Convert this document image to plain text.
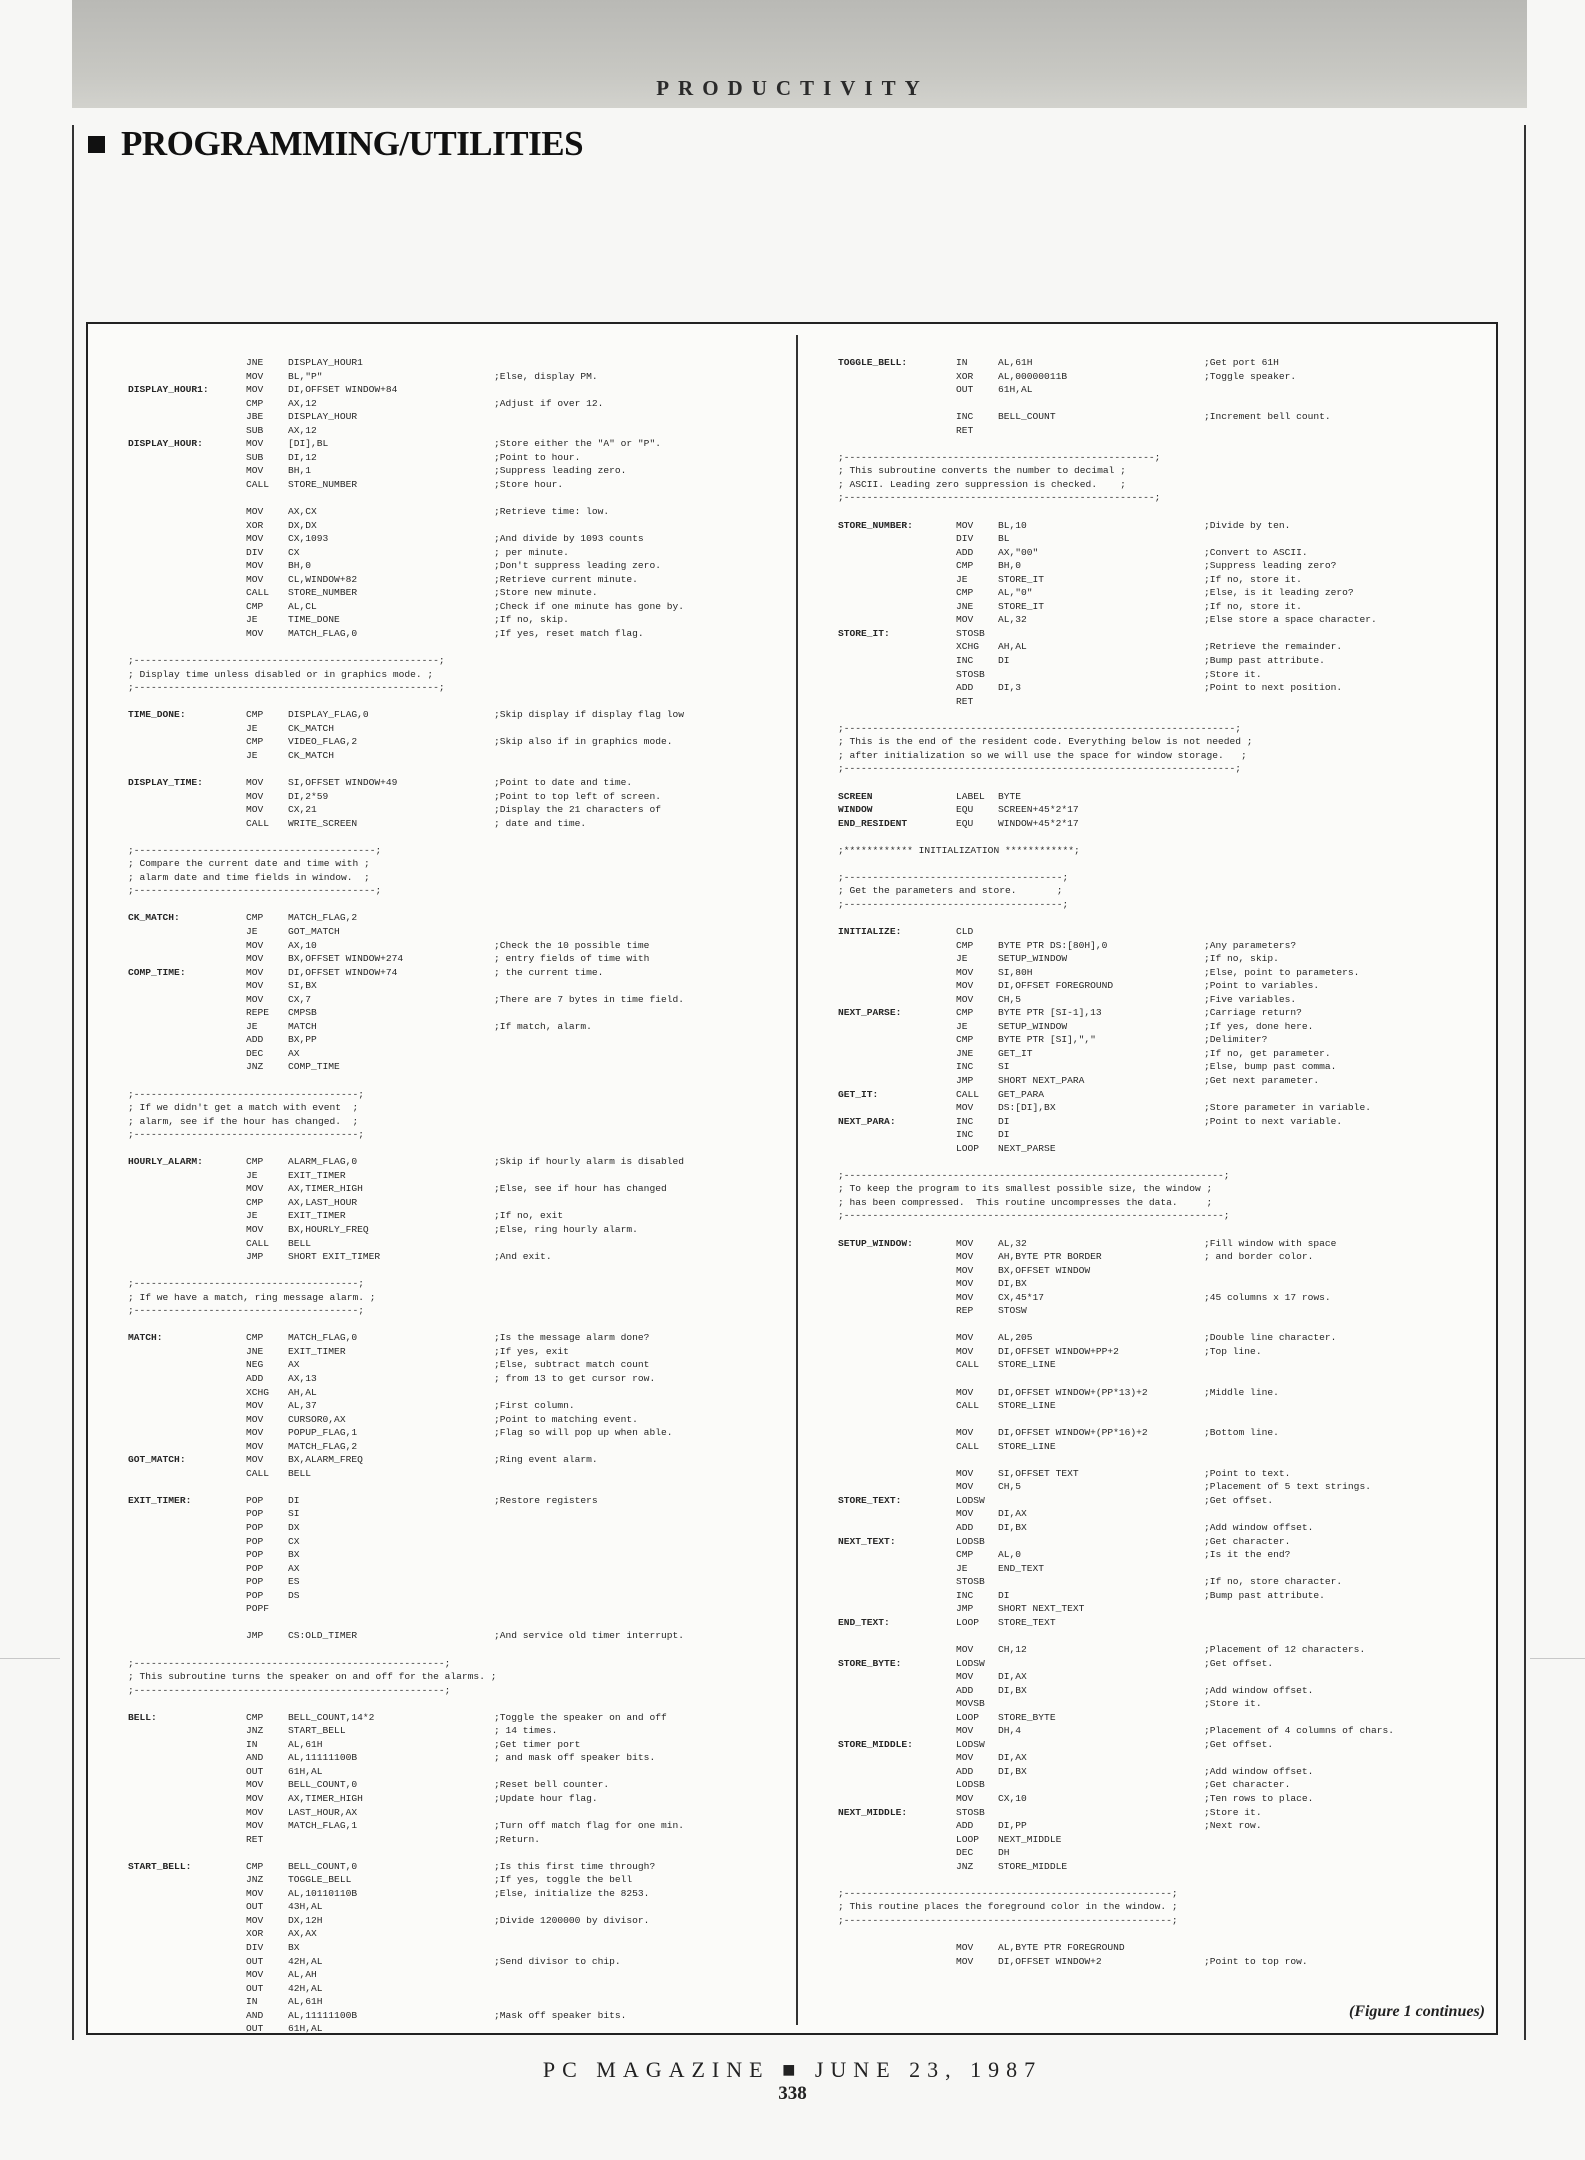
PRODUCTIVITY
PROGRAMMING/UTILITIES
JNE	DISPLAY_HOUR1
MOV	BL,"P"	;Else, display PM.
DISPLAY_HOUR1:	MOV	DI,OFFSET WINDOW+84
CMP	AX,12	;Adjust if over 12.
JBE	DISPLAY_HOUR
SUB	AX,12
DISPLAY_HOUR:	MOV	[DI],BL	;Store either the "A" or "P".
SUB	DI,12	;Point to hour.
MOV	BH,1	;Suppress leading zero.
CALL	STORE_NUMBER	;Store hour.
MOV	AX,CX	;Retrieve time: low.
XOR	DX,DX
MOV	CX,1093	;And divide by 1093 counts
DIV	CX	; per minute.
MOV	BH,0	;Don't suppress leading zero.
MOV	CL,WINDOW+82	;Retrieve current minute.
CALL	STORE_NUMBER	;Store new minute.
CMP	AL,CL	;Check if one minute has gone by.
JE	TIME_DONE	;If no, skip.
MOV	MATCH_FLAG,0	;If yes, reset match flag.
;-----------------------------------------------------;
; Display time unless disabled or in graphics mode. ;
;-----------------------------------------------------;
TIME_DONE:	CMP	DISPLAY_FLAG,0	;Skip display if display flag low
JE	CK_MATCH
CMP	VIDEO_FLAG,2	;Skip also if in graphics mode.
JE	CK_MATCH
DISPLAY_TIME:	MOV	SI,OFFSET WINDOW+49	;Point to date and time.
MOV	DI,2*59	;Point to top left of screen.
MOV	CX,21	;Display the 21 characters of
CALL	WRITE_SCREEN	; date and time.
;------------------------------------------;
; Compare the current date and time with ;
; alarm date and time fields in window.  ;
;------------------------------------------;
CK_MATCH:	CMP	MATCH_FLAG,2
JE	GOT_MATCH
MOV	AX,10	;Check the 10 possible time
MOV	BX,OFFSET WINDOW+274	; entry fields of time with
COMP_TIME:	MOV	DI,OFFSET WINDOW+74	; the current time.
MOV	SI,BX
MOV	CX,7	;There are 7 bytes in time field.
REPE	CMPSB
JE	MATCH	;If match, alarm.
ADD	BX,PP
DEC	AX
JNZ	COMP_TIME
;---------------------------------------;
; If we didn't get a match with event  ;
; alarm, see if the hour has changed.  ;
;---------------------------------------;
HOURLY_ALARM:	CMP	ALARM_FLAG,0	;Skip if hourly alarm is disabled
JE	EXIT_TIMER
MOV	AX,TIMER_HIGH	;Else, see if hour has changed
CMP	AX,LAST_HOUR
JE	EXIT_TIMER	;If no, exit
MOV	BX,HOURLY_FREQ	;Else, ring hourly alarm.
CALL	BELL
JMP	SHORT EXIT_TIMER	;And exit.
;---------------------------------------;
; If we have a match, ring message alarm. ;
;---------------------------------------;
MATCH:	CMP	MATCH_FLAG,0	;Is the message alarm done?
JNE	EXIT_TIMER	;If yes, exit
NEG	AX	;Else, subtract match count
ADD	AX,13	; from 13 to get cursor row.
XCHG	AH,AL
MOV	AL,37	;First column.
MOV	CURSOR0,AX	;Point to matching event.
MOV	POPUP_FLAG,1	;Flag so will pop up when able.
MOV	MATCH_FLAG,2
GOT_MATCH:	MOV	BX,ALARM_FREQ	;Ring event alarm.
CALL	BELL
EXIT_TIMER:	POP	DI	;Restore registers
POP	SI
POP	DX
POP	CX
POP	BX
POP	AX
POP	ES
POP	DS
POPF
JMP	CS:OLD_TIMER	;And service old timer interrupt.
;------------------------------------------------------;
; This subroutine turns the speaker on and off for the alarms. ;
;------------------------------------------------------;
BELL:	CMP	BELL_COUNT,14*2	;Toggle the speaker on and off
JNZ	START_BELL	; 14 times.
IN	AL,61H	;Get timer port
AND	AL,11111100B	; and mask off speaker bits.
OUT	61H,AL
MOV	BELL_COUNT,0	;Reset bell counter.
MOV	AX,TIMER_HIGH	;Update hour flag.
MOV	LAST_HOUR,AX
MOV	MATCH_FLAG,1	;Turn off match flag for one min.
RET	;Return.
START_BELL:	CMP	BELL_COUNT,0	;Is this first time through?
JNZ	TOGGLE_BELL	;If yes, toggle the bell
MOV	AL,10110110B	;Else, initialize the 8253.
OUT	43H,AL
MOV	DX,12H	;Divide 1200000 by divisor.
XOR	AX,AX
DIV	BX
OUT	42H,AL	;Send divisor to chip.
MOV	AL,AH
OUT	42H,AL
IN	AL,61H
AND	AL,11111100B	;Mask off speaker bits.
OUT	61H,AL
TOGGLE_BELL:	IN	AL,61H	;Get port 61H
XOR	AL,00000011B	;Toggle speaker.
OUT	61H,AL
INC	BELL_COUNT	;Increment bell count.
RET
;------------------------------------------------------;
; This subroutine converts the number to decimal ;
; ASCII. Leading zero suppression is checked.    ;
;------------------------------------------------------;
STORE_NUMBER:	MOV	BL,10	;Divide by ten.
DIV	BL
ADD	AX,"00"	;Convert to ASCII.
CMP	BH,0	;Suppress leading zero?
JE	STORE_IT	;If no, store it.
CMP	AL,"0"	;Else, is it leading zero?
JNE	STORE_IT	;If no, store it.
MOV	AL,32	;Else store a space character.
STORE_IT:	STOSB
XCHG	AH,AL	;Retrieve the remainder.
INC	DI	;Bump past attribute.
STOSB	;Store it.
ADD	DI,3	;Point to next position.
RET
;--------------------------------------------------------------------;
; This is the end of the resident code. Everything below is not needed ;
; after initialization so we will use the space for window storage.   ;
;--------------------------------------------------------------------;
SCREEN	LABEL	BYTE
WINDOW	EQU	SCREEN+45*2*17
END_RESIDENT	EQU	WINDOW+45*2*17
;************ INITIALIZATION ************;
;--------------------------------------;
; Get the parameters and store.       ;
;--------------------------------------;
INITIALIZE:	CLD
CMP	BYTE PTR DS:[80H],0	;Any parameters?
JE	SETUP_WINDOW	;If no, skip.
MOV	SI,80H	;Else, point to parameters.
MOV	DI,OFFSET FOREGROUND	;Point to variables.
MOV	CH,5	;Five variables.
NEXT_PARSE:	CMP	BYTE PTR [SI-1],13	;Carriage return?
JE	SETUP_WINDOW	;If yes, done here.
CMP	BYTE PTR [SI],","	;Delimiter?
JNE	GET_IT	;If no, get parameter.
INC	SI	;Else, bump past comma.
JMP	SHORT NEXT_PARA	;Get next parameter.
GET_IT:	CALL	GET_PARA
MOV	DS:[DI],BX	;Store parameter in variable.
NEXT_PARA:	INC	DI	;Point to next variable.
INC	DI
LOOP	NEXT_PARSE
;------------------------------------------------------------------;
; To keep the program to its smallest possible size, the window ;
; has been compressed.  This routine uncompresses the data.     ;
;------------------------------------------------------------------;
SETUP_WINDOW:	MOV	AL,32	;Fill window with space
MOV	AH,BYTE PTR BORDER	; and border color.
MOV	BX,OFFSET WINDOW
MOV	DI,BX
MOV	CX,45*17	;45 columns x 17 rows.
REP	STOSW
MOV	AL,205	;Double line character.
MOV	DI,OFFSET WINDOW+PP+2	;Top line.
CALL	STORE_LINE
MOV	DI,OFFSET WINDOW+(PP*13)+2	;Middle line.
CALL	STORE_LINE
MOV	DI,OFFSET WINDOW+(PP*16)+2	;Bottom line.
CALL	STORE_LINE
MOV	SI,OFFSET TEXT	;Point to text.
MOV	CH,5	;Placement of 5 text strings.
STORE_TEXT:	LODSW	;Get offset.
MOV	DI,AX
ADD	DI,BX	;Add window offset.
NEXT_TEXT:	LODSB	;Get character.
CMP	AL,0	;Is it the end?
JE	END_TEXT
STOSB	;If no, store character.
INC	DI	;Bump past attribute.
JMP	SHORT NEXT_TEXT
END_TEXT:	LOOP	STORE_TEXT
MOV	CH,12	;Placement of 12 characters.
STORE_BYTE:	LODSW	;Get offset.
MOV	DI,AX
ADD	DI,BX	;Add window offset.
MOVSB	;Store it.
LOOP	STORE_BYTE
MOV	DH,4	;Placement of 4 columns of chars.
STORE_MIDDLE:	LODSW	;Get offset.
MOV	DI,AX
ADD	DI,BX	;Add window offset.
LODSB	;Get character.
MOV	CX,10	;Ten rows to place.
NEXT_MIDDLE:	STOSB	;Store it.
ADD	DI,PP	;Next row.
LOOP	NEXT_MIDDLE
DEC	DH
JNZ	STORE_MIDDLE
;---------------------------------------------------------;
; This routine places the foreground color in the window. ;
;---------------------------------------------------------;
MOV	AL,BYTE PTR FOREGROUND
MOV	DI,OFFSET WINDOW+2	;Point to top row.
(Figure 1 continues)
PC MAGAZINE ■ JUNE 23, 1987
338
